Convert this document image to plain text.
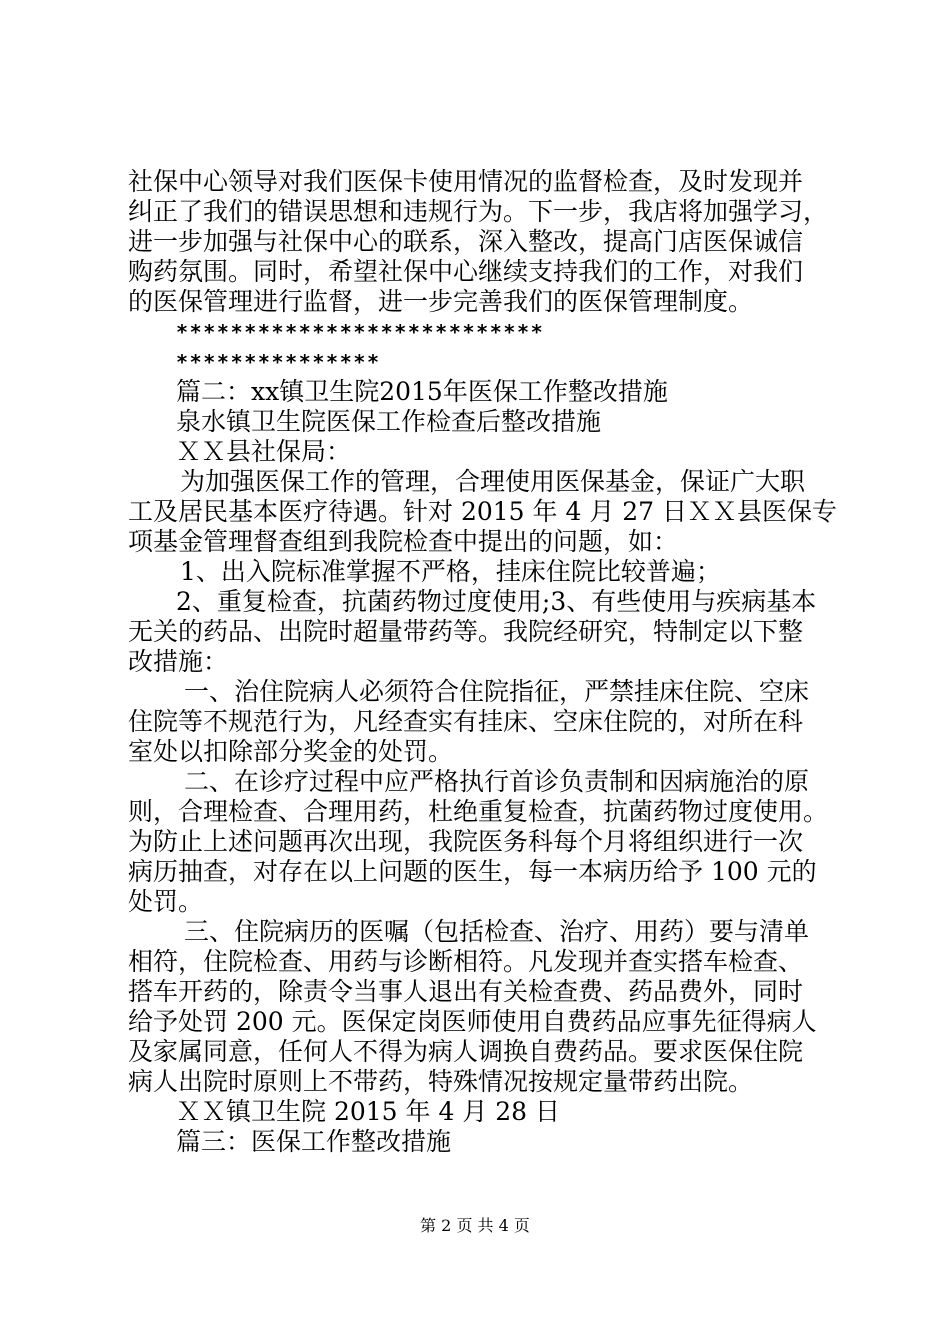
社保中心领导对我们医保卡使用情况的监督检查，及时发现并
纠正了我们的错误思想和违规行为。下一步，我店将加强学习，
进一步加强与社保中心的联系，深入整改，提高门店医保诚信
购药氛围。同时，希望社保中心继续支持我们的工作，对我们
的医保管理进行监督，进一步完善我们的医保管理制度。
***************************
***************
篇二：xx镇卫生院2015年医保工作整改措施
泉水镇卫生院医保工作检查后整改措施
ＸＸ县社保局：
为加强医保工作的管理，合理使用医保基金，保证广大职
工及居民基本医疗待遇。针对 2015 年 4 月 27 日ＸＸ县医保专
项基金管理督查组到我院检查中提出的问题，如：
1、出入院标准掌握不严格，挂床住院比较普遍；
2、重复检查，抗菌药物过度使用;3、有些使用与疾病基本
无关的药品、出院时超量带药等。我院经研究，特制定以下整
改措施：
一、治住院病人必须符合住院指征，严禁挂床住院、空床
住院等不规范行为，凡经查实有挂床、空床住院的，对所在科
室处以扣除部分奖金的处罚。
二、在诊疗过程中应严格执行首诊负责制和因病施治的原
则，合理检查、合理用药，杜绝重复检查，抗菌药物过度使用。
为防止上述问题再次出现，我院医务科每个月将组织进行一次
病历抽查，对存在以上问题的医生，每一本病历给予 100 元的
处罚。
三、住院病历的医嘱（包括检查、治疗、用药）要与清单
相符，住院检查、用药与诊断相符。凡发现并查实搭车检查、
搭车开药的，除责令当事人退出有关检查费、药品费外，同时
给予处罚 200 元。医保定岗医师使用自费药品应事先征得病人
及家属同意，任何人不得为病人调换自费药品。要求医保住院
病人出院时原则上不带药，特殊情况按规定量带药出院。
ＸＸ镇卫生院 2015 年 4 月 28 日
篇三：医保工作整改措施
第 2 页 共 4 页
